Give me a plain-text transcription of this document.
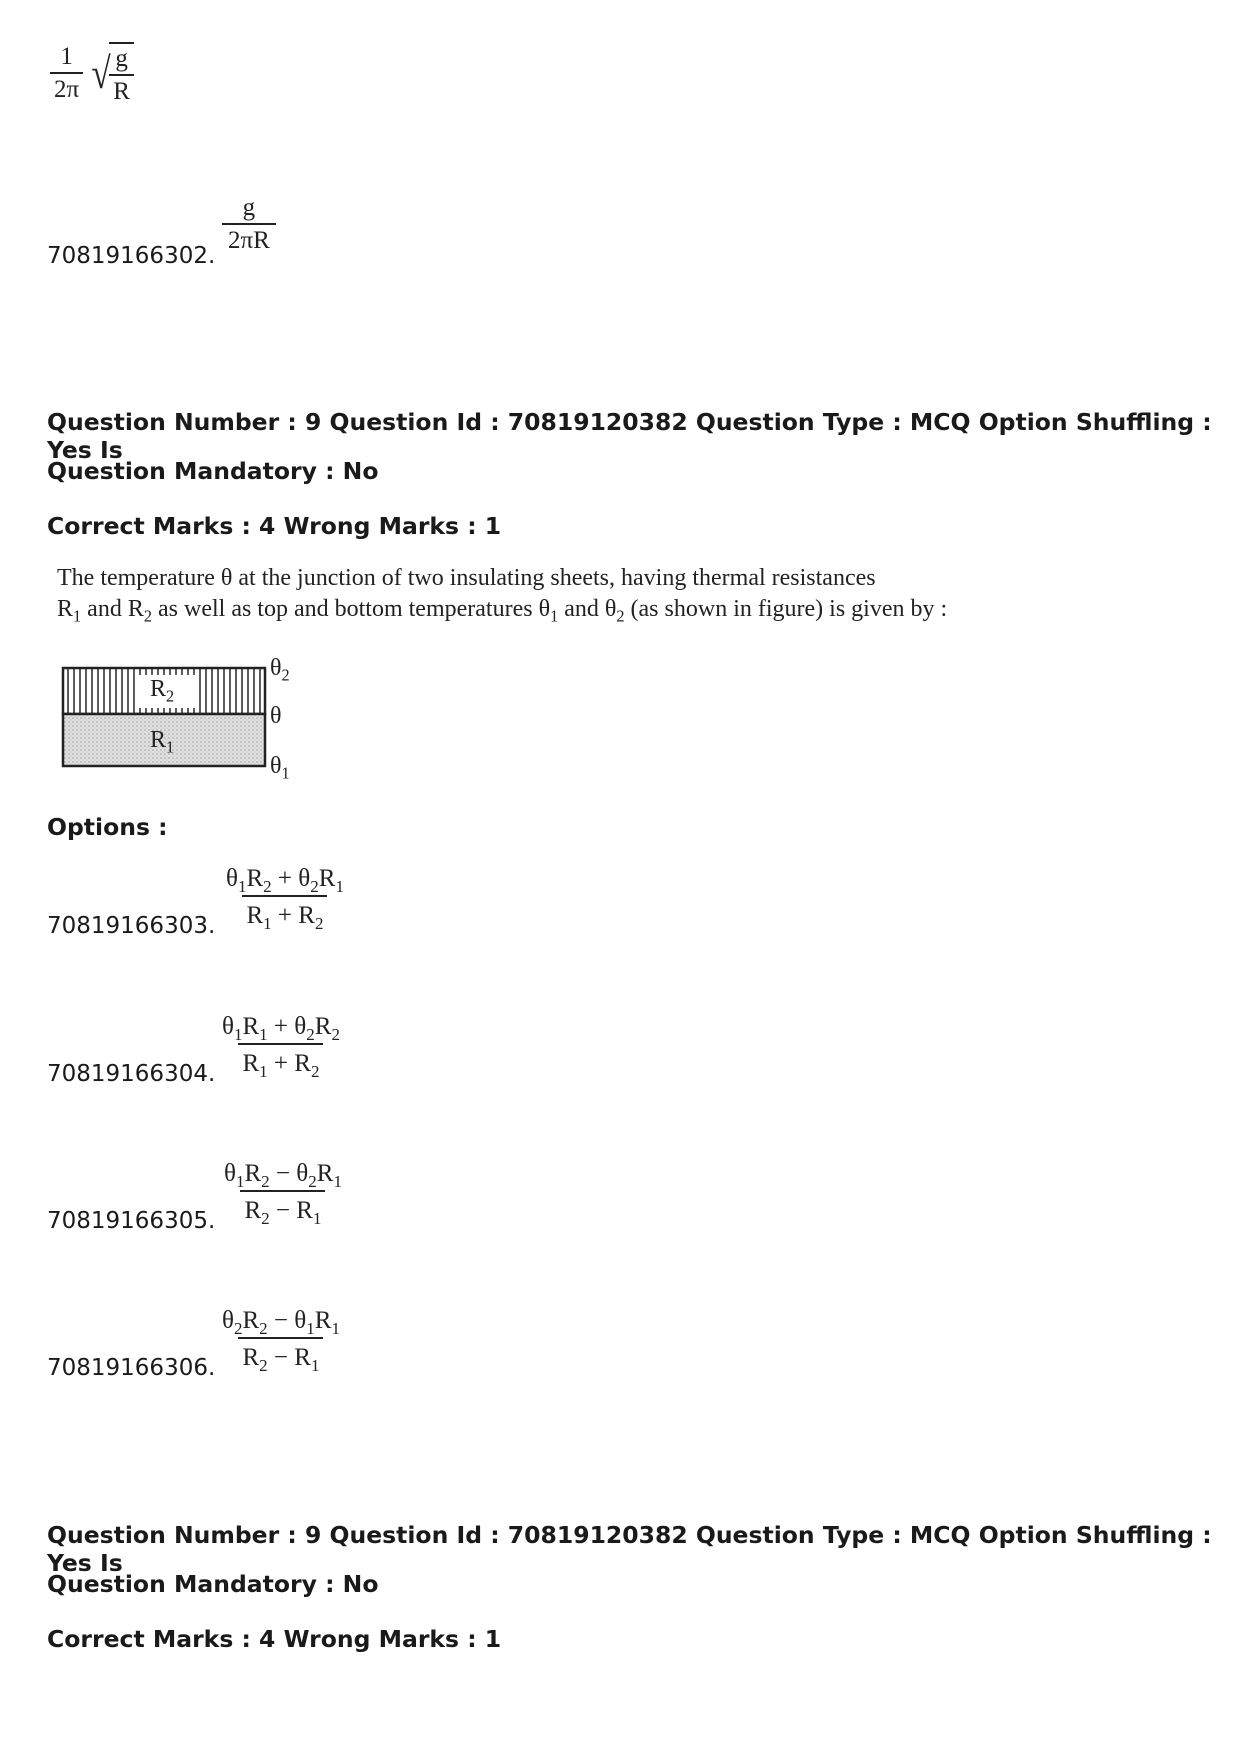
$\frac{1}{2\pi}$ √
$\frac{g}{R}$
70819166302.
$\frac{g}{2\pi R}$
Question Number : 9 Question Id : 70819120382 Question Type : MCQ Option Shuffling : Yes Is
Question Mandatory : No
Correct Marks : 4 Wrong Marks : 1
The temperature θ at the junction of two insulating sheets, having thermal resistances
$R_1$ and $R_2$ as well as top and bottom temperatures $\theta_1$ and $\theta_2$ (as shown in figure) is given by :
$R_2$
$R_1$
$\theta_2$
θ
$\theta_1$
Options :
70819166303. $\frac{\theta_1R_2 + \theta_2R_1}{R_1 + R_2}$
70819166304. $\frac{\theta_1R_1 + \theta_2R_2}{R_1 + R_2}$
70819166305. $\frac{\theta_1R_2 - \theta_2R_1}{R_2 - R_1}$
70819166306. $\frac{\theta_2R_2 - \theta_1R_1}{R_2 - R_1}$
Question Number : 9 Question Id : 70819120382 Question Type : MCQ Option Shuffling : Yes Is
Question Mandatory : No
Correct Marks : 4 Wrong Marks : 1
